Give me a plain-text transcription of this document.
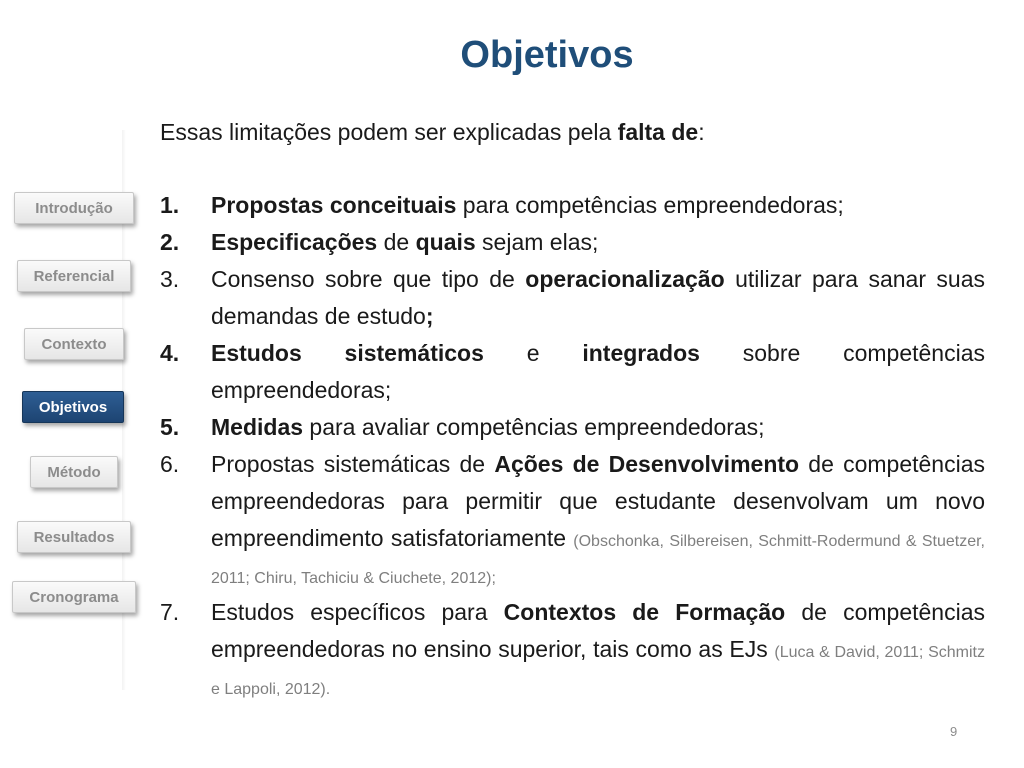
Objetivos
Introdução
Referencial
Contexto
Objetivos
Método
Resultados
Cronograma

Essas limitações podem ser explicadas pela falta de:

1. Propostas conceituais para competências empreendedoras;
2. Especificações de quais sejam elas;
3. Consenso sobre que tipo de operacionalização utilizar para sanar suas demandas de estudo;
4. Estudos sistemáticos e integrados sobre competências empreendedoras;
5. Medidas para avaliar competências empreendedoras;
6. Propostas sistemáticas de Ações de Desenvolvimento de competências empreendedoras para permitir que estudante desenvolvam um novo empreendimento satisfatoriamente (Obschonka, Silbereisen, Schmitt-Rodermund & Stuetzer, 2011; Chiru, Tachiciu & Ciuchete, 2012);
7. Estudos específicos para Contextos de Formação de competências empreendedoras no ensino superior, tais como as EJs (Luca & David, 2011; Schmitz e Lappoli, 2012).
9
